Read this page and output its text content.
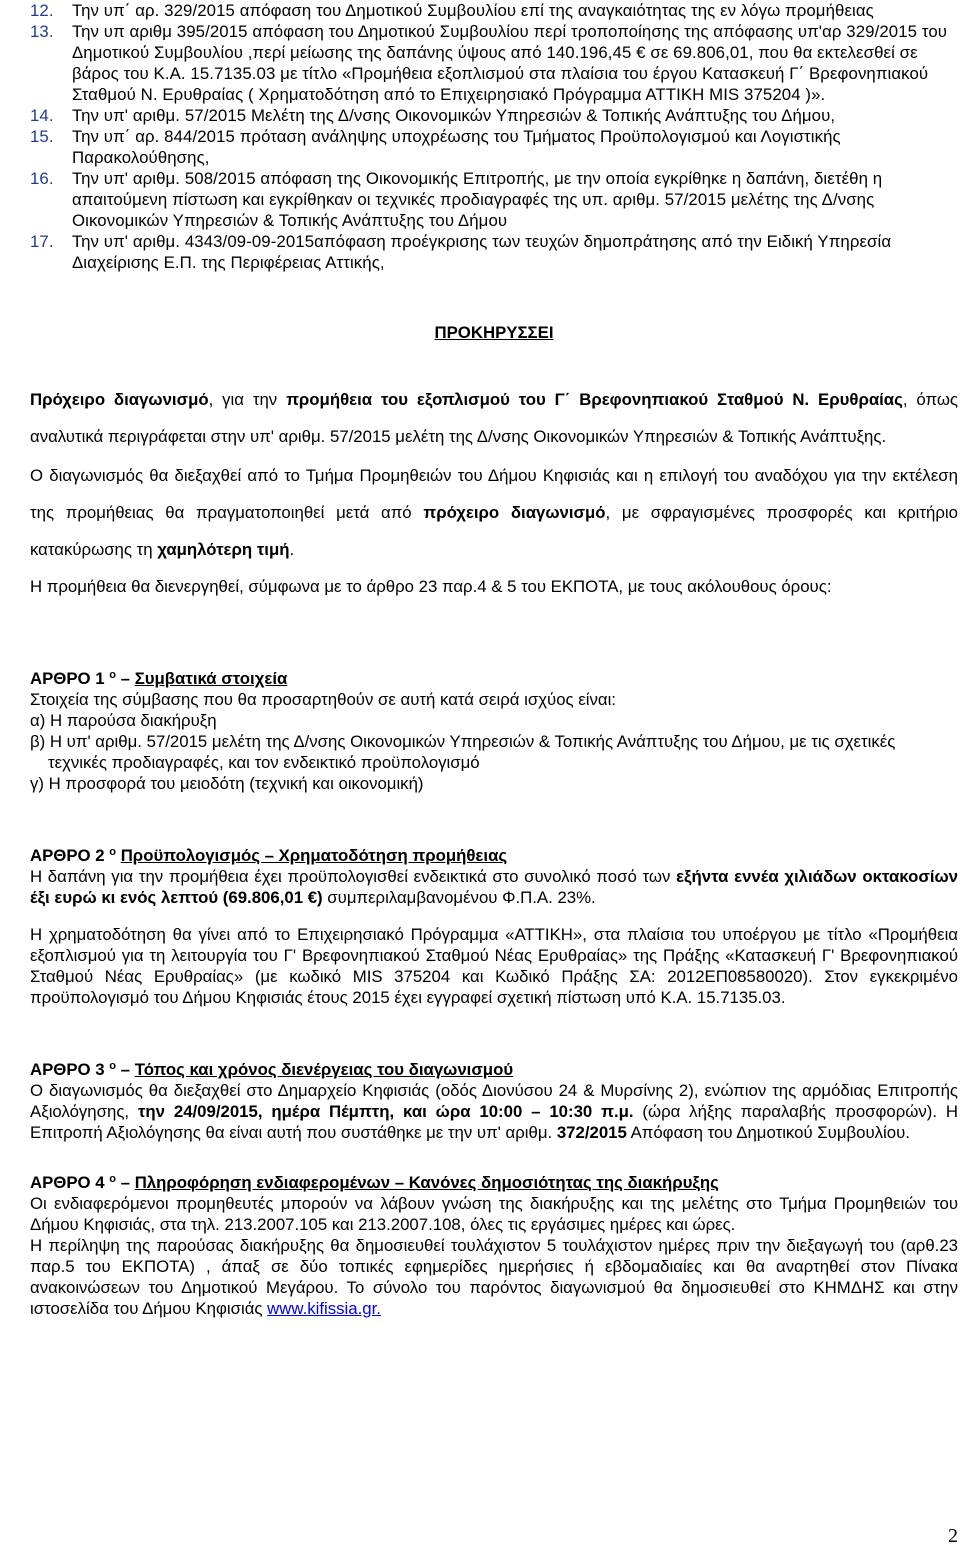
12. Την υπ΄ αρ. 329/2015 απόφαση του Δημοτικού Συμβουλίου επί της αναγκαιότητας της εν λόγω προμήθειας
13. Την υπ αριθμ 395/2015 απόφαση του Δημοτικού Συμβουλίου περί τροποποίησης της απόφασης υπ'αρ 329/2015 του Δημοτικού Συμβουλίου ,περί μείωσης της δαπάνης ύψους από 140.196,45 € σε 69.806,01, που θα εκτελεσθεί σε βάρος του Κ.Α. 15.7135.03 με τίτλο «Προμήθεια εξοπλισμού στα πλαίσια του έργου Κατασκευή Γ΄ Βρεφονηπιακού Σταθμού Ν. Ερυθραίας ( Χρηματοδότηση από το Επιχειρησιακό Πρόγραμμα ΑΤΤΙΚΗ MIS 375204 )».
14. Την υπ' αριθμ. 57/2015 Μελέτη της Δ/νσης Οικονομικών Υπηρεσιών & Τοπικής Ανάπτυξης του Δήμου,
15. Την υπ΄ αρ. 844/2015 πρόταση ανάληψης υποχρέωσης του Τμήματος Προϋπολογισμού και Λογιστικής Παρακολούθησης,
16. Την υπ' αριθμ. 508/2015 απόφαση της Οικονομικής Επιτροπής, με την οποία εγκρίθηκε η δαπάνη, διετέθη η απαιτούμενη πίστωση και εγκρίθηκαν οι τεχνικές προδιαγραφές της υπ. αριθμ. 57/2015 μελέτης της Δ/νσης Οικονομικών Υπηρεσιών & Τοπικής Ανάπτυξης του Δήμου
17. Την υπ' αριθμ. 4343/09-09-2015απόφαση προέγκρισης των τευχών δημοπράτησης από την Ειδική Υπηρεσία Διαχείρισης Ε.Π. της Περιφέρειας Αττικής,
ΠΡΟΚΗΡΥΣΣΕΙ

Πρόχειρο διαγωνισμό, για την προμήθεια του εξοπλισμού του Γ΄ Βρεφονηπιακού Σταθμού Ν. Ερυθραίας, όπως αναλυτικά περιγράφεται στην υπ' αριθμ. 57/2015 μελέτη της Δ/νσης Οικονομικών Υπηρεσιών & Τοπικής Ανάπτυξης.

Ο διαγωνισμός θα διεξαχθεί από το Τμήμα Προμηθειών του Δήμου Κηφισιάς και η επιλογή του αναδόχου για την εκτέλεση της προμήθειας θα πραγματοποιηθεί μετά από πρόχειρο διαγωνισμό, με σφραγισμένες προσφορές και κριτήριο κατακύρωσης τη χαμηλότερη τιμή.

Η προμήθεια θα διενεργηθεί, σύμφωνα με το άρθρο 23 παρ.4 & 5 του ΕΚΠΟΤΑ, με τους ακόλουθους όρους:

ΑΡΘΡΟ 1 $^o$ – Συμβατικά στοιχεία

Στοιχεία της σύμβασης που θα προσαρτηθούν σε αυτή κατά σειρά ισχύος είναι:

α) Η παρούσα διακήρυξη

β) Η υπ' αριθμ. 57/2015 μελέτη της Δ/νσης Οικονομικών Υπηρεσιών & Τοπικής Ανάπτυξης του Δήμου, με τις σχετικές τεχνικές προδιαγραφές, και τον ενδεικτικό προϋπολογισμό

γ) Η προσφορά του μειοδότη (τεχνική και οικονομική)

ΑΡΘΡΟ 2 $^o$ Προϋπολογισμός – Χρηματοδότηση προμήθειας

Η δαπάνη για την προμήθεια έχει προϋπολογισθεί ενδεικτικά στο συνολικό ποσό των εξήντα εννέα χιλιάδων οκτακοσίων έξι ευρώ κι ενός λεπτού (69.806,01 €) συμπεριλαμβανομένου Φ.Π.Α. 23%.

Η χρηματοδότηση θα γίνει από το Επιχειρησιακό Πρόγραμμα «ΑΤΤΙΚΗ», στα πλαίσια του υποέργου με τίτλο «Προμήθεια εξοπλισμού για τη λειτουργία του Γ' Βρεφονηπιακού Σταθμού Νέας Ερυθραίας» της Πράξης «Κατασκευή Γ' Βρεφονηπιακού Σταθμού Νέας Ερυθραίας» (με κωδικό MIS 375204 και Κωδικό Πράξης ΣΑ: 2012ΕΠ08580020). Στον εγκεκριμένο προϋπολογισμό του Δήμου Κηφισιάς έτους 2015 έχει εγγραφεί σχετική πίστωση υπό Κ.Α. 15.7135.03.

ΑΡΘΡΟ 3 $^o$ – Τόπος και χρόνος διενέργειας του διαγωνισμού

Ο διαγωνισμός θα διεξαχθεί στο Δημαρχείο Κηφισιάς (οδός Διονύσου 24 & Μυρσίνης 2), ενώπιον της αρμόδιας Επιτροπής Αξιολόγησης, την 24/09/2015, ημέρα Πέμπτη, και ώρα 10:00 – 10:30 π.μ. (ώρα λήξης παραλαβής προσφορών). Η Επιτροπή Αξιολόγησης θα είναι αυτή που συστάθηκε με την υπ' αριθμ. 372/2015 Απόφαση του Δημοτικού Συμβουλίου.

ΑΡΘΡΟ 4 $^o$ – Πληροφόρηση ενδιαφερομένων – Κανόνες δημοσιότητας της διακήρυξης

Οι ενδιαφερόμενοι προμηθευτές μπορούν να λάβουν γνώση της διακήρυξης και της μελέτης στο Τμήμα Προμηθειών του Δήμου Κηφισιάς, στα τηλ. 213.2007.105 και 213.2007.108, όλες τις εργάσιμες ημέρες και ώρες.

Η περίληψη της παρούσας διακήρυξης θα δημοσιευθεί τουλάχιστον 5 τουλάχιστον ημέρες πριν την διεξαγωγή του (αρθ.23 παρ.5 του ΕΚΠΟΤΑ) , άπαξ σε δύο τοπικές εφημερίδες ημερήσιες ή εβδομαδιαίες και θα αναρτηθεί στον Πίνακα ανακοινώσεων του Δημοτικού Μεγάρου. Το σύνολο του παρόντος διαγωνισμού θα δημοσιευθεί στο ΚΗΜΔΗΣ και στην ιστοσελίδα του Δήμου Κηφισιάς www.kifissia.gr.

2
